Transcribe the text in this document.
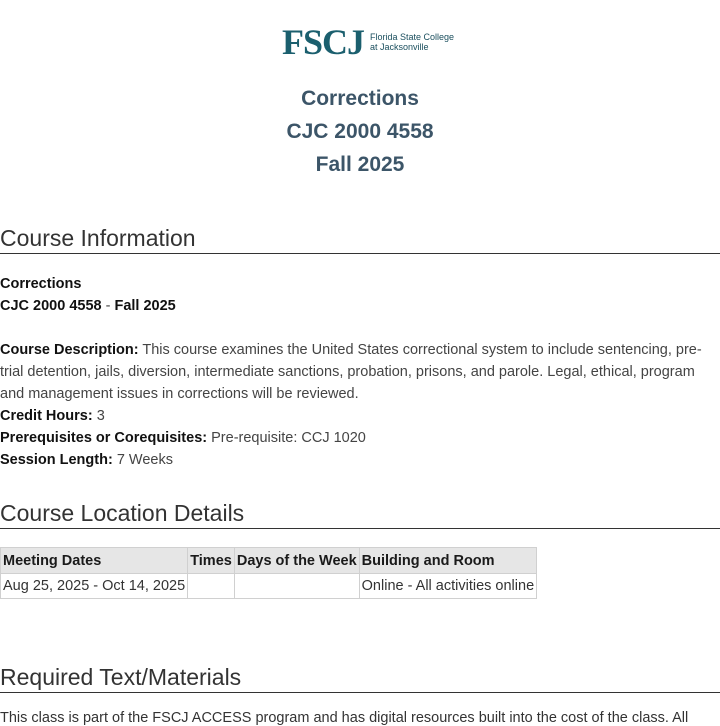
FSCJ Florida State College
at Jacksonville
Corrections
CJC 2000 4558
Fall 2025
Course Information
Corrections
CJC 2000 4558 - Fall 2025
Course Description: This course examines the United States correctional system to include sentencing, pre-trial detention, jails, diversion, intermediate sanctions, probation, prisons, and parole. Legal, ethical, program and management issues in corrections will be reviewed.
Credit Hours: 3
Prerequisites or Corequisites: Pre-requisite: CCJ 1020
Session Length: 7 Weeks
Course Location Details
Meeting Dates	Times	Days of the Week	Building and Room
Aug 25, 2025 - Oct 14, 2025			Online - All activities online
Required Text/Materials
This class is part of the FSCJ ACCESS program and has digital resources built into the cost of the class. All
